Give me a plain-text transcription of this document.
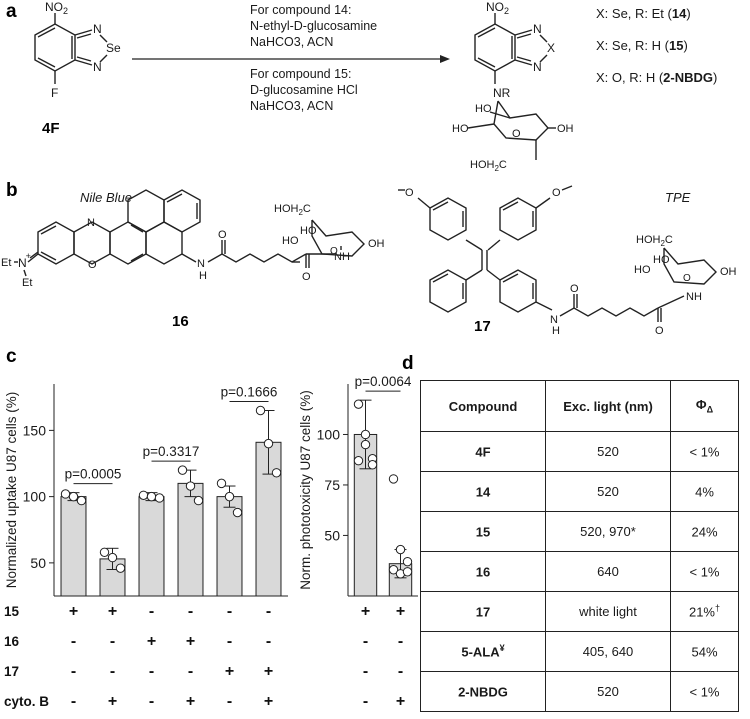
a $NO_2$
N
N
Se
F
4F
For compound 14:
N-ethyl-D-glucosamine
NaHCO3, ACN
For compound 15:
D-glucosamine HCl
NaHCO3, ACN
$NO_2$
N
N
X
NR
O
HO
HO	OH
$HOH_2C$
X: Se, R: Et (14)
X: Se, R: H (15)
X: O, R: H (2-NBDG)
b	Nile Blue
N
O
N+
Et
Et
N
H
O
O
NH
O
$HOH_2C$
HO
HO	OH
16
TPE
O	O
N
H
O
O
NH
O
$HOH_2C$
HO
HO	OH
17
c
50
100
150
Normalized uptake U87 cells (%)	p=0.0005
p=0.3317
p=0.1666
50
75
100
Norm. phototoxicity U87 cells (%)
p=0.0064
15	+ + - - - -	+ +
16	- - + + - -	- -
17	- - - - + +	- -
cyto. B - + - + - +	- +
d
Compound	Exc. light (nm)	$\Phi_\Delta$
4F	520	< 1%
14	520	4%
15	520, 970*	24%
16	640	< 1%
17	white light	21%†
5-ALA¥	405, 640	54%
2-NBDG	520	< 1%
